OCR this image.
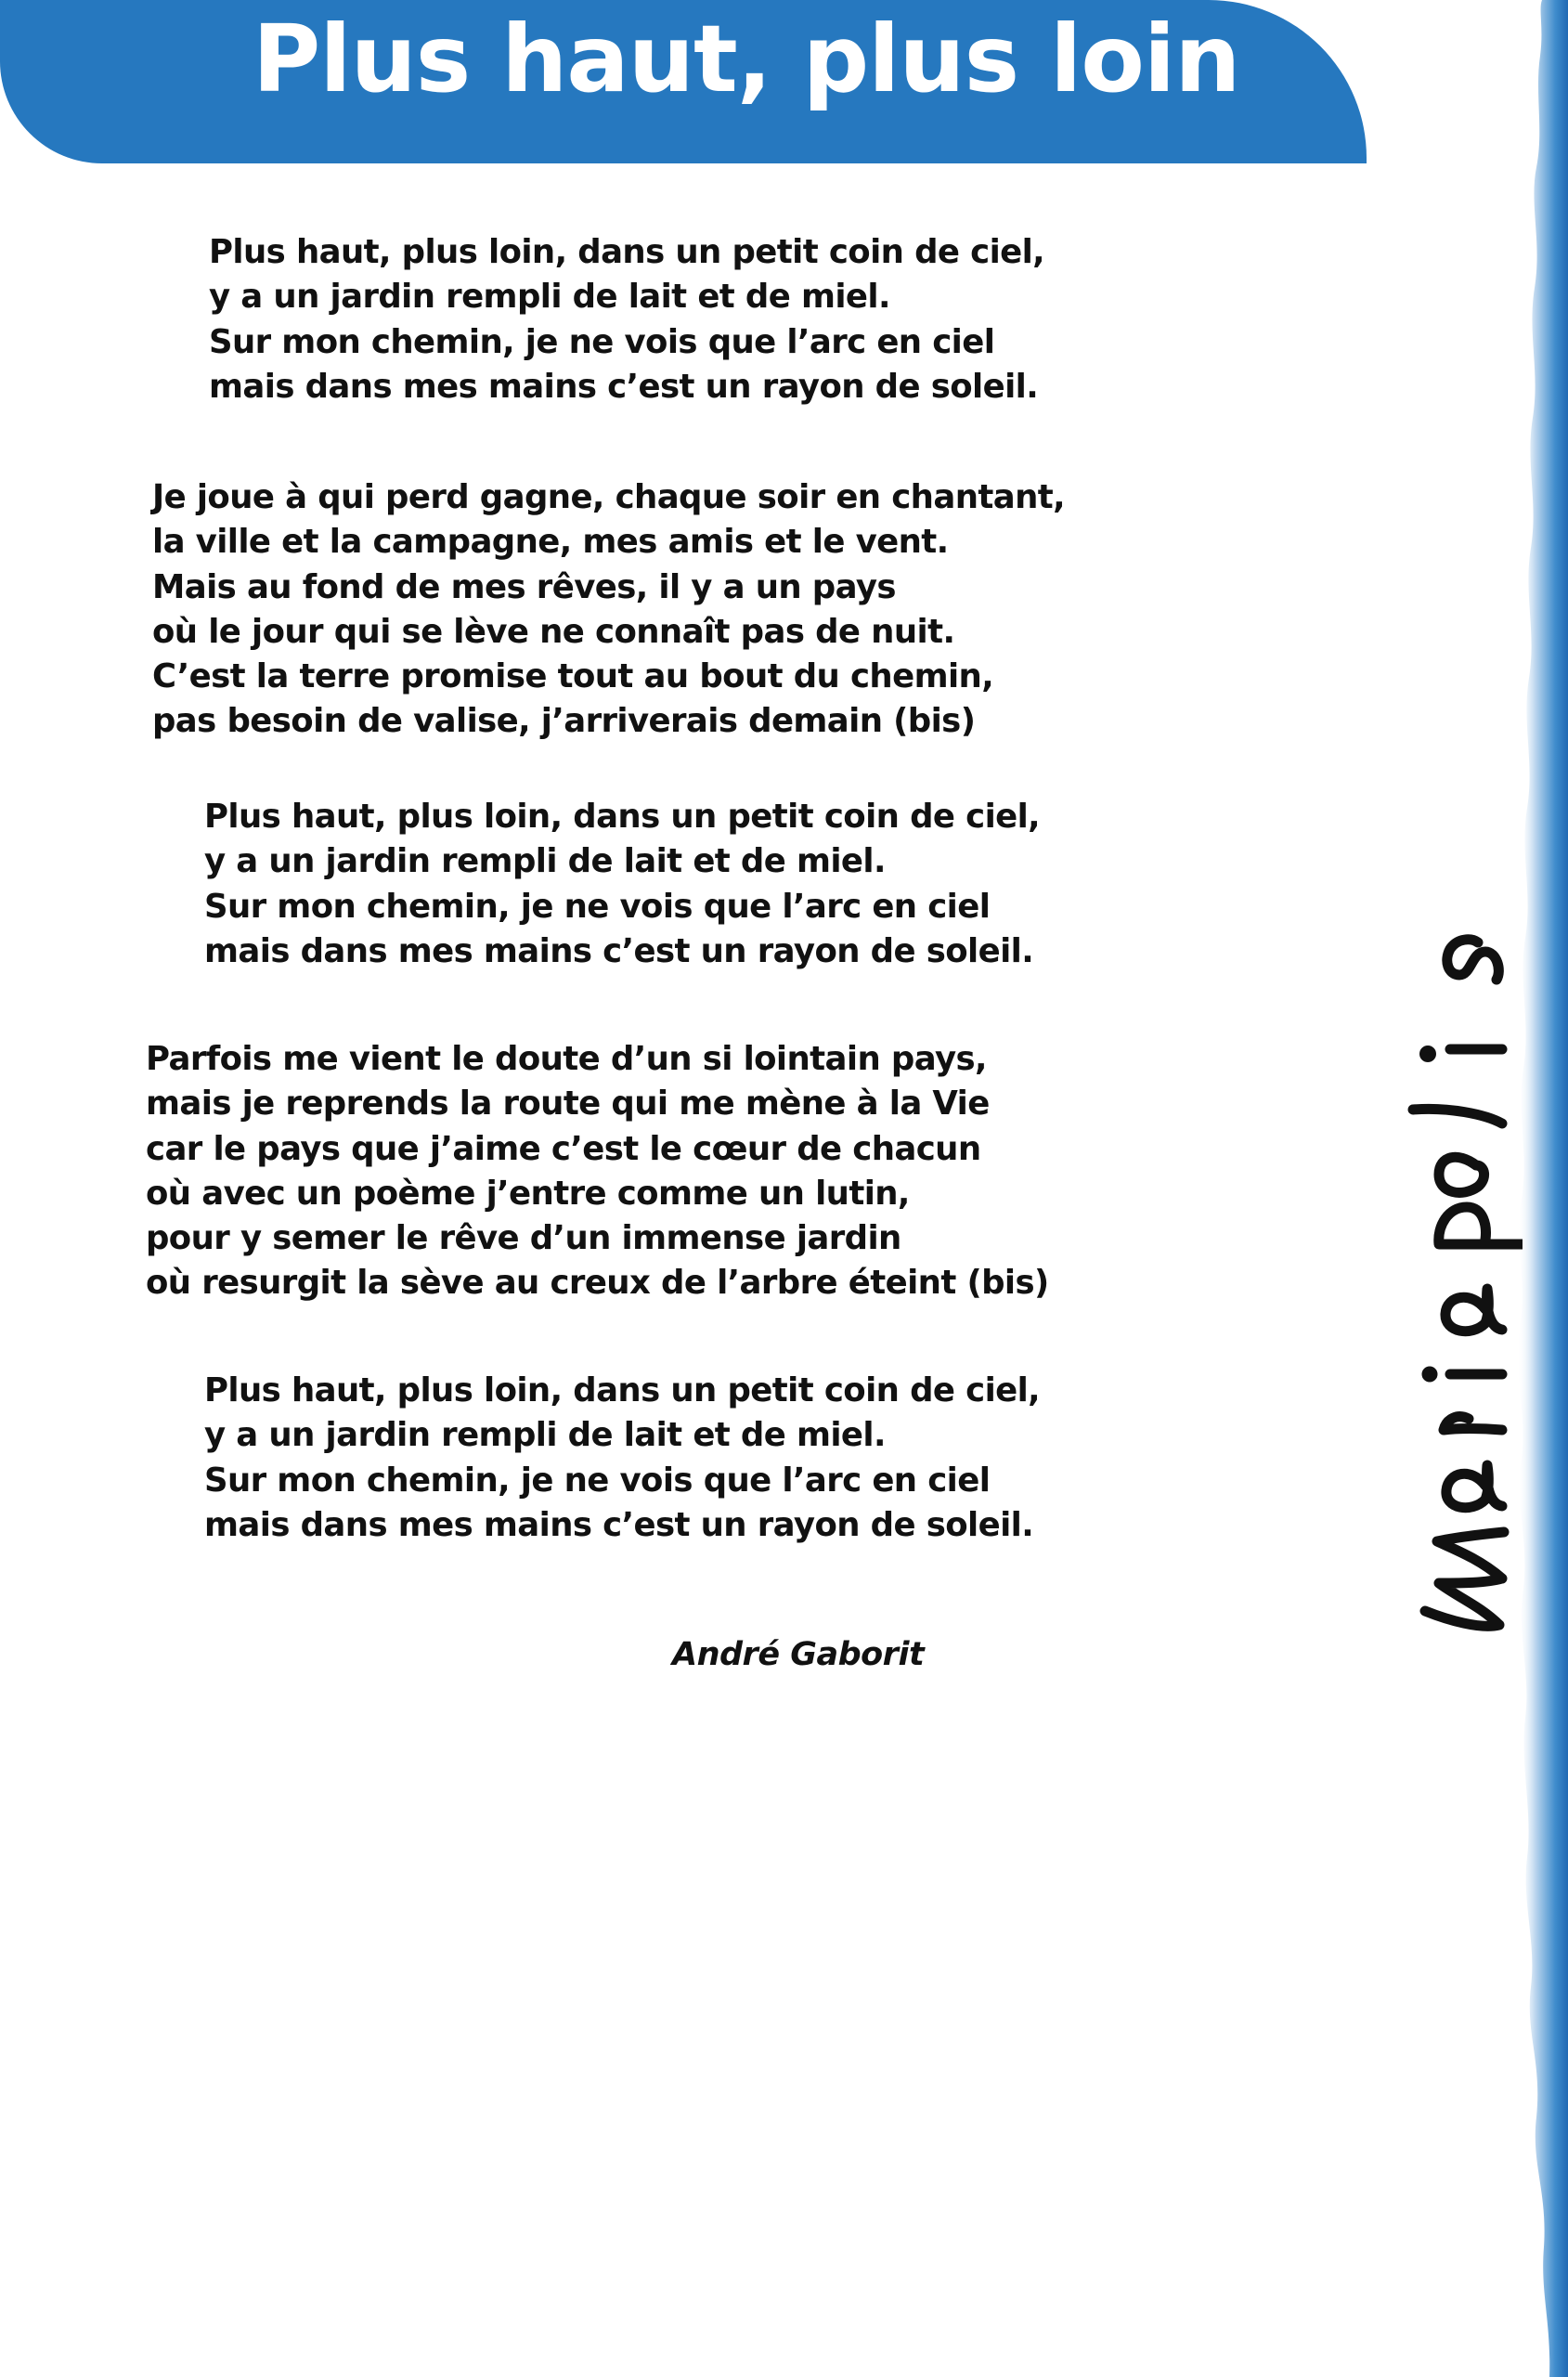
Plus haut, plus loin

Plus haut, plus loin, dans un petit coin de ciel,
y a un jardin rempli de lait et de miel.
Sur mon chemin, je ne vois que l’arc en ciel
mais dans mes mains c’est un rayon de soleil.

Je joue à qui perd gagne, chaque soir en chantant,
la ville et la campagne, mes amis et le vent.
Mais au fond de mes rêves, il y a un pays
où le jour qui se lève ne connaît pas de nuit.
C’est la terre promise tout au bout du chemin,
pas besoin de valise, j’arriverais demain (bis)

Plus haut, plus loin, dans un petit coin de ciel,
y a un jardin rempli de lait et de miel.
Sur mon chemin, je ne vois que l’arc en ciel
mais dans mes mains c’est un rayon de soleil.

Parfois me vient le doute d’un si lointain pays,
mais je reprends la route qui me mène à la Vie
car le pays que j’aime c’est le cœur de chacun
où avec un poème j’entre comme un lutin,
pour y semer le rêve d’un immense jardin
où resurgit la sève au creux de l’arbre éteint (bis)

Plus haut, plus loin, dans un petit coin de ciel,
y a un jardin rempli de lait et de miel.
Sur mon chemin, je ne vois que l’arc en ciel
mais dans mes mains c’est un rayon de soleil.

André Gaborit
